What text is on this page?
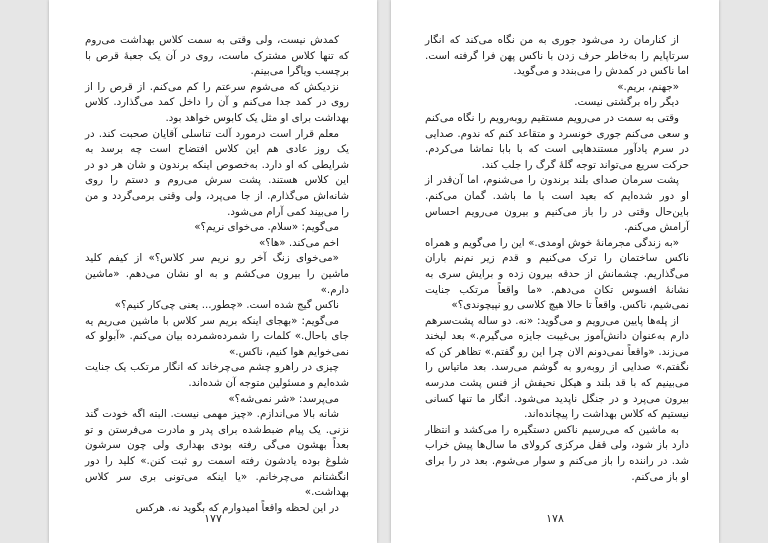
کمدش نیست، ولی وقتی به سمت کلاس بهداشت می‌روم که تنها کلاس مشترک ماست، روی در آن یک جعبهٔ قرص با برچسب ویاگرا می‌بینم.

نزدیکش که می‌شوم سرعتم را کم می‌کنم. از قرص را از روی در کمد جدا می‌کنم و آن را داخل کمد می‌گذارد. کلاس بهداشت برای او مثل یک کابوس خواهد بود.

معلم قرار است درمورد آلت تناسلی آقایان صحبت کند. در یک روز عادی هم این کلاس افتضاح است چه برسد به شرایطی که او دارد. به‌خصوص اینکه برندون و شان هر دو در این کلاس هستند. پشت سرش می‌روم و دستم را روی شانه‌اش می‌گذارم. از جا می‌پرد، ولی وقتی برمی‌گردد و من را می‌بیند کمی آرام می‌شود.

می‌گویم: «سلام. می‌خوای نریم؟»

اخم می‌کند. «ها؟»

«می‌خوای زنگ آخر رو نریم سر کلاس؟» از کیفم کلید ماشین را بیرون می‌کشم و به او نشان می‌دهم. «ماشین دارم.»

ناکس گیج شده است. «چطور... یعنی چی‌کار کنیم؟»

می‌گویم: «بهجای اینکه بریم سر کلاس با ماشین می‌ریم یه جای باحال.» کلمات را شمرده‌شمرده بیان می‌کنم. «آبولو که نمی‌خوایم هوا کنیم، ناکس.»

چیزی در راهرو چشم می‌چرخاند که انگار مرتکب یک جنایت شده‌ایم و مسئولین متوجه آن شده‌اند.

می‌پرسد: «شر نمی‌شه؟»

شانه بالا می‌اندازم. «چیز مهمی نیست. البته اگه خودت گند نزنی. یک پیام ضبط‌شده برای پدر و مادرت می‌فرستن و تو بعداً بهشون می‌گی رفته بودی بهداری ولی چون سرشون شلوغ بوده یادشون رفته اسمت رو ثبت کنن.» کلید را دور انگشتانم می‌چرخانم. «یا اینکه می‌تونی بری سر کلاس بهداشت.»

در این لحظه واقعاً امیدوارم که بگوید نه. هرکس

۱۷۷

از کنارمان رد می‌شود جوری به من نگاه می‌کند که انگار سرتاپایم را به‌خاطر حرف زدن با ناکس پهن فرا گرفته است. اما ناکس در کمدش را می‌بندد و می‌گوید.

«جهنم، بریم.»

دیگر راه برگشتی نیست.

وقتی به سمت در می‌رویم مستقیم روبه‌رویم را نگاه می‌کنم و سعی می‌کنم جوری خونسرد و متقاعد کنم که ندوم. صدایی در سرم یادآور مستندهایی است که با بابا تماشا می‌کردم. حرکت سریع می‌تواند توجه گلهٔ گرگ را جلب کند.

پشت سرمان صدای بلند برندون را می‌شنوم، اما آن‌قدر از او دور شده‌ایم که بعید است با ما باشد. گمان می‌کنم. باین‌حال وقتی در را باز می‌کنیم و بیرون می‌رویم احساس آرامش می‌کنم.

«به زندگی مجرمانهٔ خوش اومدی.» این را می‌گویم و همراه ناکس ساختمان را ترک می‌کنیم و قدم زیر نم‌نم باران می‌گذاریم. چشمانش از حدقه بیرون زده و برایش سری به نشانهٔ افسوس تکان می‌دهم. «ما واقعاً مرتکب جنایت نمی‌شیم، ناکس. واقعاً تا حالا هیچ کلاسی رو نپیچوندی؟»

از پله‌ها پایین می‌رویم و می‌گوید: «نه. دو ساله پشت‌سرهم دارم به‌عنوان دانش‌آموز بی‌غیبت جایزه می‌گیرم.» بعد لبخند می‌زند. «واقعاً نمی‌دونم الان چرا این رو گفتم.» تظاهر کن که نگفتم.» صدایی از روبه‌رو به گوشم می‌رسد. بعد ماتیاس را می‌بینیم که با قد بلند و هیکل نحیفش از فنس پشت مدرسه بیرون می‌پرد و در جنگل ناپدید می‌شود. انگار ما تنها کسانی نیستیم که کلاس بهداشت را پیچانده‌اند.

به ماشین که می‌رسیم ناکس دستگیره را می‌کشد و انتظار دارد باز شود، ولی قفل مرکزی کرولای ما سال‌ها پیش خراب شد. در راننده را باز می‌کنم و سوار می‌شوم. بعد در را برای او باز می‌کنم.

۱۷۸
